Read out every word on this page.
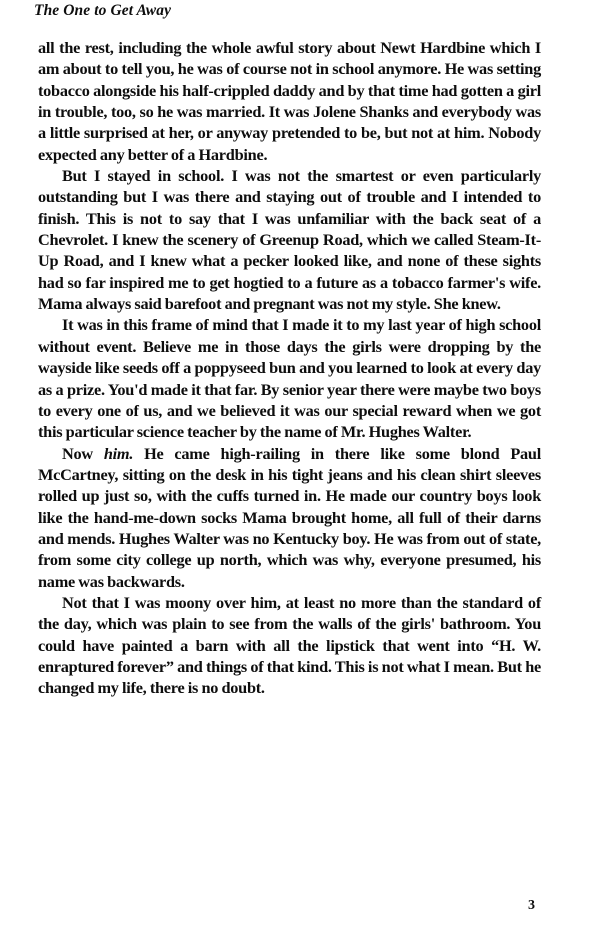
The One to Get Away

all the rest, including the whole awful story about Newt Hardbine which I am about to tell you, he was of course not in school anymore. He was setting tobacco alongside his half-crippled daddy and by that time had gotten a girl in trouble, too, so he was married. It was Jolene Shanks and everybody was a little surprised at her, or anyway pretended to be, but not at him. Nobody expected any better of a Hardbine.

But I stayed in school. I was not the smartest or even particularly outstanding but I was there and staying out of trouble and I intended to finish. This is not to say that I was unfamiliar with the back seat of a Chevrolet. I knew the scenery of Greenup Road, which we called Steam-It-Up Road, and I knew what a pecker looked like, and none of these sights had so far inspired me to get hogtied to a future as a tobacco farmer's wife. Mama always said barefoot and pregnant was not my style. She knew.

It was in this frame of mind that I made it to my last year of high school without event. Believe me in those days the girls were dropping by the wayside like seeds off a poppyseed bun and you learned to look at every day as a prize. You'd made it that far. By senior year there were maybe two boys to every one of us, and we believed it was our special reward when we got this particular science teacher by the name of Mr. Hughes Walter.

Now him. He came high-railing in there like some blond Paul McCartney, sitting on the desk in his tight jeans and his clean shirt sleeves rolled up just so, with the cuffs turned in. He made our country boys look like the hand-me-down socks Mama brought home, all full of their darns and mends. Hughes Walter was no Kentucky boy. He was from out of state, from some city college up north, which was why, everyone presumed, his name was backwards.

Not that I was moony over him, at least no more than the standard of the day, which was plain to see from the walls of the girls' bathroom. You could have painted a barn with all the lipstick that went into “H. W. enraptured forever” and things of that kind. This is not what I mean. But he changed my life, there is no doubt.

3
